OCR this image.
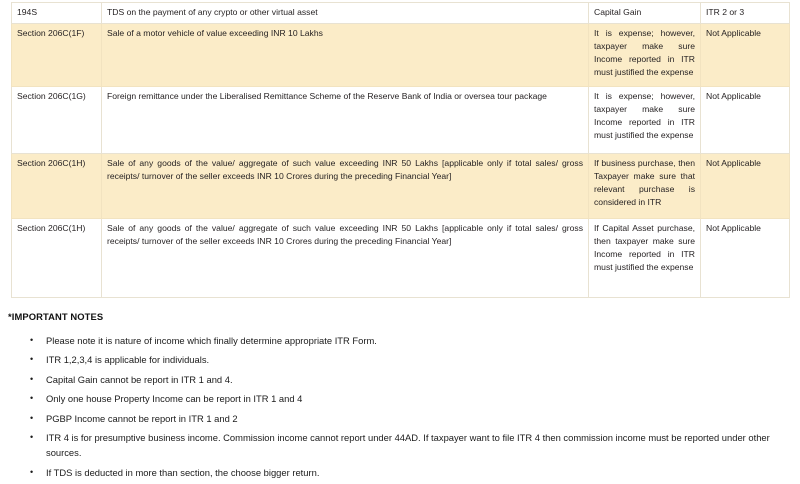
194S	TDS on the payment of any crypto or other virtual asset	Capital Gain	ITR 2 or 3
Section 206C(1F)	Sale of a motor vehicle of value exceeding INR 10 Lakhs	It is expense; however, taxpayer make sure Income reported in ITR must justified the expense	Not Applicable
Section 206C(1G)	Foreign remittance under the Liberalised Remittance Scheme of the Reserve Bank of India or oversea tour package	It is expense; however, taxpayer make sure Income reported in ITR must justified the expense	Not Applicable
Section 206C(1H)	Sale of any goods of the value/ aggregate of such value exceeding INR 50 Lakhs [applicable only if total sales/ gross receipts/ turnover of the seller exceeds INR 10 Crores during the preceding Financial Year]	If business purchase, then Taxpayer make sure that relevant purchase is considered in ITR	Not Applicable
Section 206C(1H)	Sale of any goods of the value/ aggregate of such value exceeding INR 50 Lakhs [applicable only if total sales/ gross receipts/ turnover of the seller exceeds INR 10 Crores during the preceding Financial Year]	If Capital Asset purchase, then taxpayer make sure Income reported in ITR must justified the expense	Not Applicable

*IMPORTANT NOTES

• Please note it is nature of income which finally determine appropriate ITR Form.
• ITR 1,2,3,4 is applicable for individuals.
• Capital Gain cannot be report in ITR 1 and 4.
• Only one house Property Income can be report in ITR 1 and 4
• PGBP Income cannot be report in ITR 1 and 2
• ITR 4 is for presumptive business income. Commission income cannot report under 44AD. If taxpayer want to file ITR 4 then commission income must be reported under other sources.
• If TDS is deducted in more than section, the choose bigger return.
